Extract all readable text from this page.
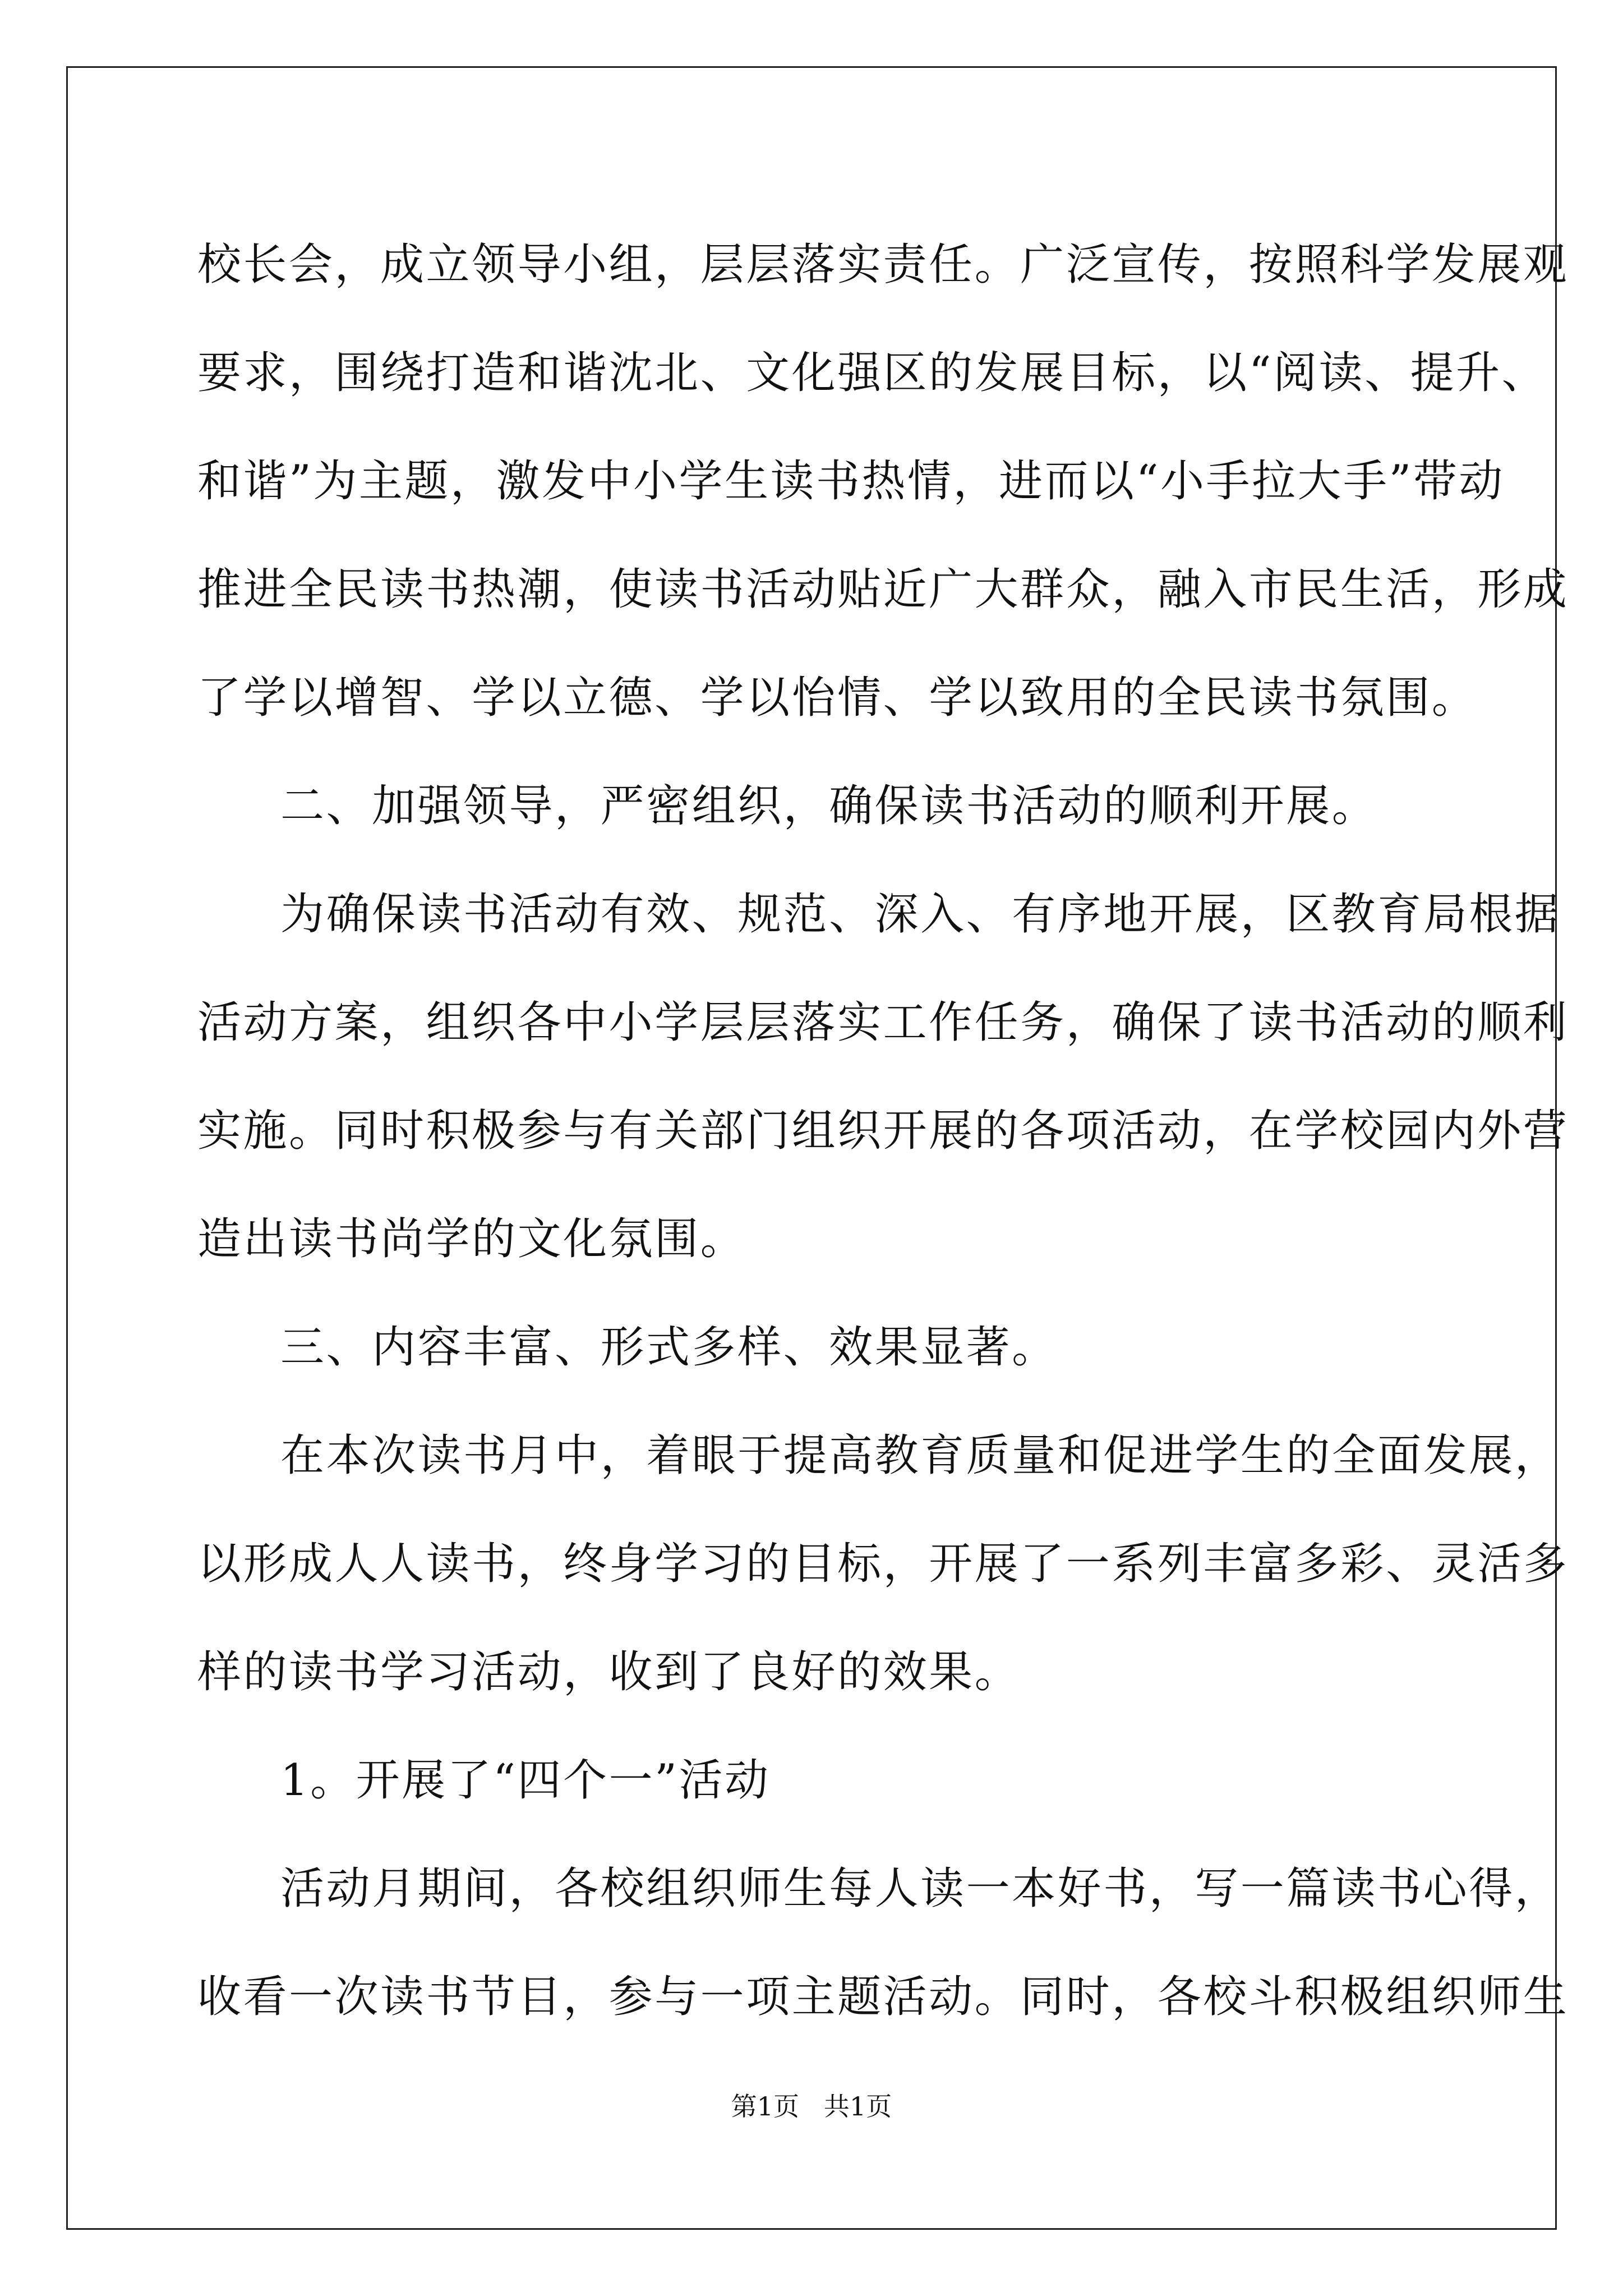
校长会，成立领导小组，层层落实责任。广泛宣传，按照科学发展观
要求，围绕打造和谐沈北、文化强区的发展目标，以“阅读、提升、
和谐”为主题，激发中小学生读书热情，进而以“小手拉大手”带动
推进全民读书热潮，使读书活动贴近广大群众，融入市民生活，形成
了学以增智、学以立德、学以怡情、学以致用的全民读书氛围。
二、加强领导，严密组织，确保读书活动的顺利开展。
为确保读书活动有效、规范、深入、有序地开展，区教育局根据
活动方案，组织各中小学层层落实工作任务，确保了读书活动的顺利
实施。同时积极参与有关部门组织开展的各项活动，在学校园内外营
造出读书尚学的文化氛围。
三、内容丰富、形式多样、效果显著。
在本次读书月中，着眼于提高教育质量和促进学生的全面发展，
以形成人人读书，终身学习的目标，开展了一系列丰富多彩、灵活多
样的读书学习活动，收到了良好的效果。
1。开展了“四个一”活动
活动月期间，各校组织师生每人读一本好书，写一篇读书心得，
收看一次读书节目，参与一项主题活动。同时，各校斗积极组织师生
第1页   共1页
